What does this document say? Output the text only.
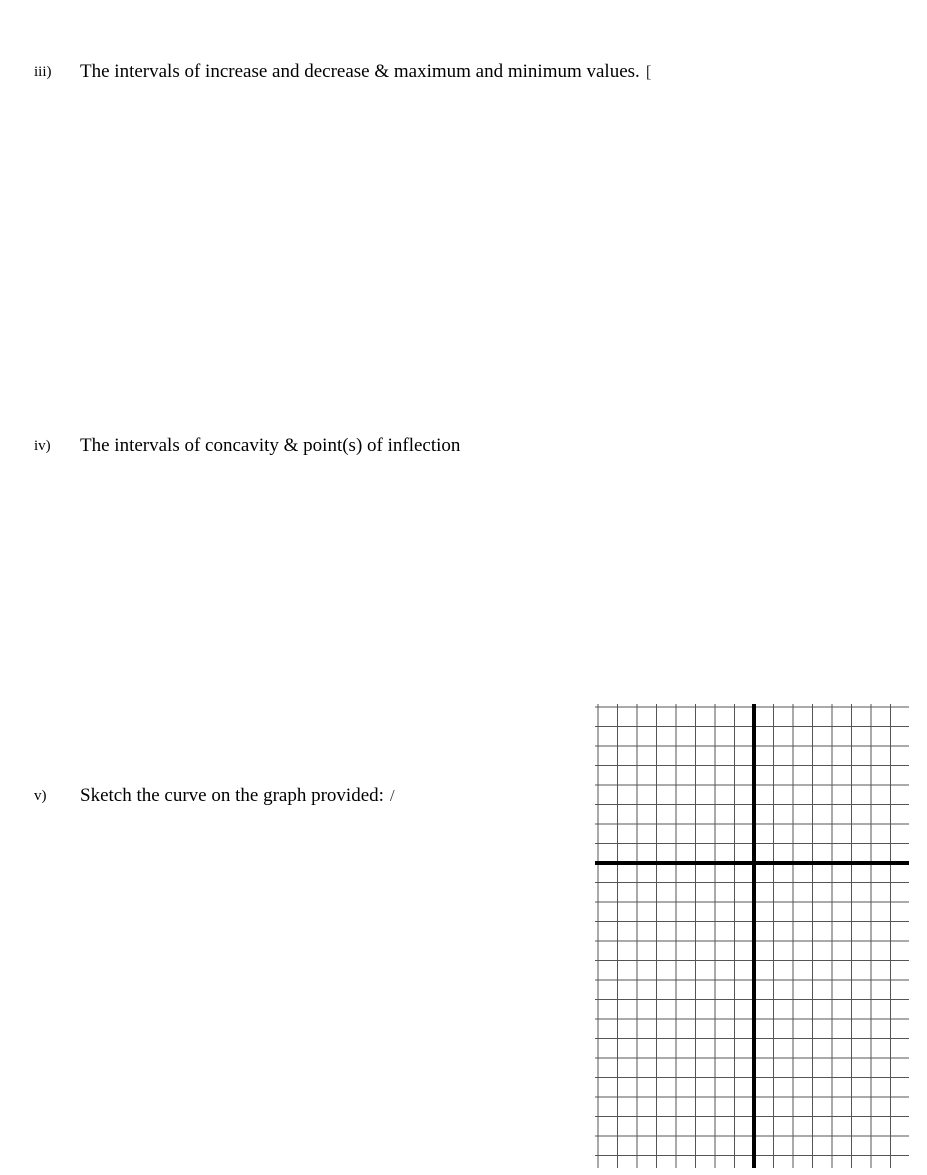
iii) The intervals of increase and decrease & maximum and minimum values. [
iv) The intervals of concavity & point(s) of inflection
v) Sketch the curve on the graph provided: /
